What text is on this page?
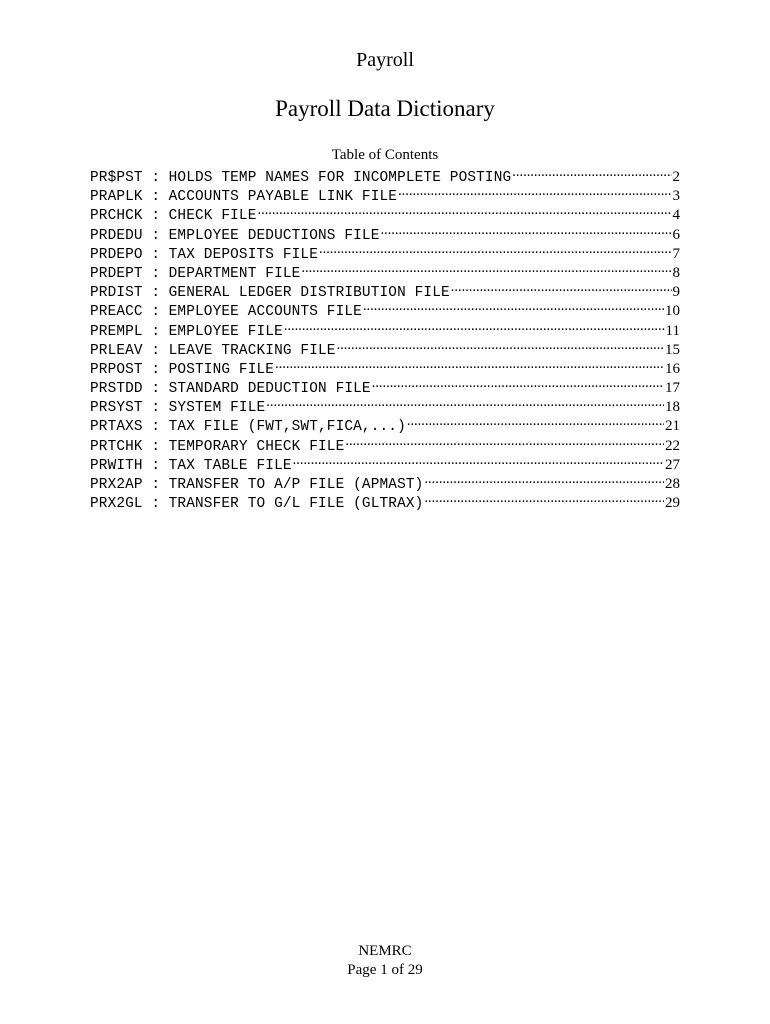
Payroll
Payroll Data Dictionary
Table of Contents
PR$PST : HOLDS TEMP NAMES FOR INCOMPLETE POSTING .....	2
PRAPLK : ACCOUNTS PAYABLE LINK FILE .....	3
PRCHCK : CHECK FILE .....	4
PRDEDU : EMPLOYEE DEDUCTIONS FILE .....	6
PRDEPO : TAX DEPOSITS FILE .....	7
PRDEPT : DEPARTMENT FILE .....	8
PRDIST : GENERAL LEDGER DISTRIBUTION FILE .....	9
PREACC : EMPLOYEE ACCOUNTS FILE .....	10
PREMPL : EMPLOYEE FILE .....	11
PRLEAV : LEAVE TRACKING FILE .....	15
PRPOST : POSTING FILE .....	16
PRSTDD : STANDARD DEDUCTION FILE .....	17
PRSYST : SYSTEM FILE .....	18
PRTAXS : TAX FILE (FWT,SWT,FICA,...) .....	21
PRTCHK : TEMPORARY CHECK FILE .....	22
PRWITH : TAX TABLE FILE .....	27
PRX2AP : TRANSFER TO A/P FILE (APMAST) .....	28
PRX2GL : TRANSFER TO G/L FILE (GLTRAX) .....	29
NEMRC
Page 1 of 29
